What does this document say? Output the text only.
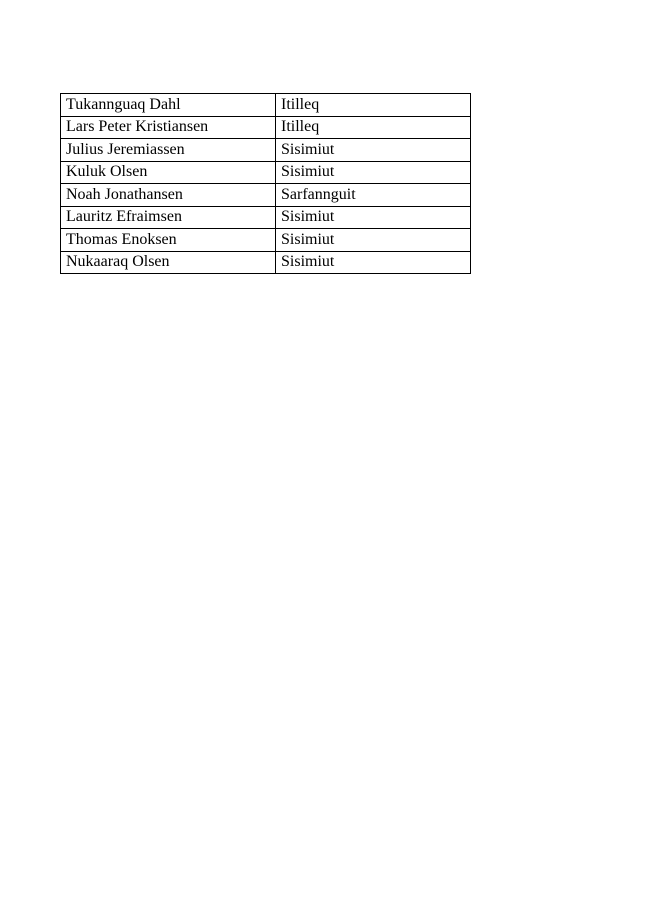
Tukannguaq Dahl	Itilleq
Lars Peter Kristiansen	Itilleq
Julius Jeremiassen	Sisimiut
Kuluk Olsen	Sisimiut
Noah Jonathansen	Sarfannguit
Lauritz Efraimsen	Sisimiut
Thomas Enoksen	Sisimiut
Nukaaraq Olsen	Sisimiut
